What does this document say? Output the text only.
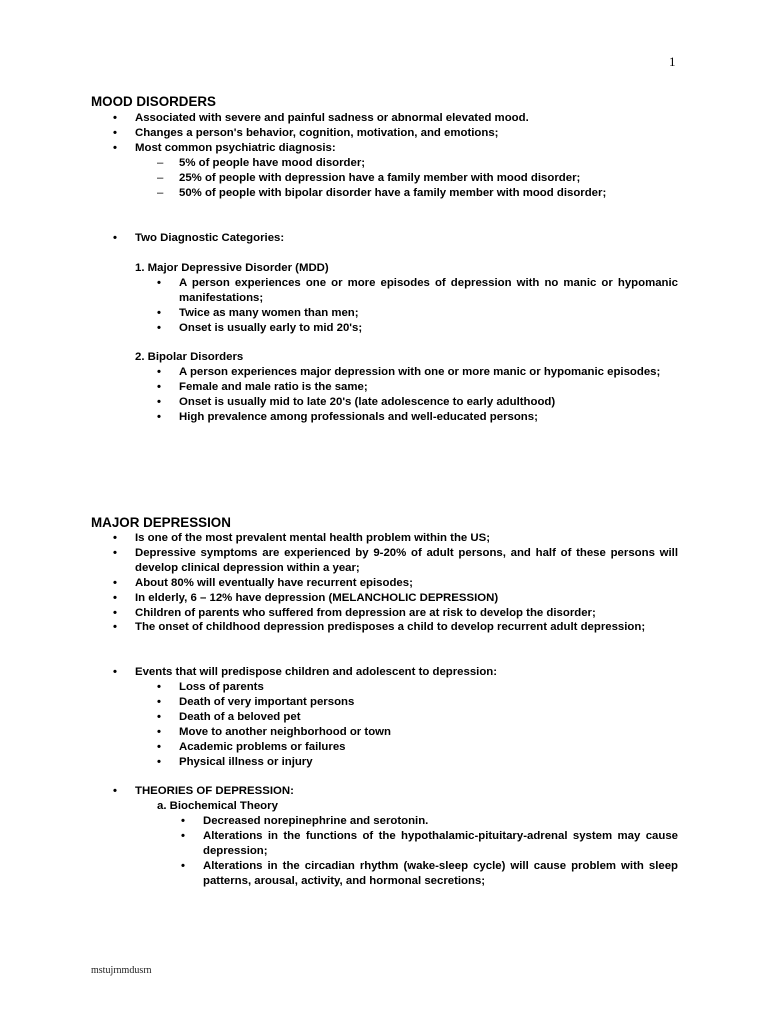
1
MOOD DISORDERS
• Associated with severe and painful sadness or abnormal elevated mood.
• Changes a person's behavior, cognition, motivation, and emotions;
• Most common psychiatric diagnosis:
– 5% of people have mood disorder;
– 25% of people with depression have a family member with mood disorder;
– 50% of people with bipolar disorder have a family member with mood disorder;
• Two Diagnostic Categories:
1. Major Depressive Disorder (MDD)
• A person experiences one or more episodes of depression with no manic or hypomanic manifestations;
• Twice as many women than men;
• Onset is usually early to mid 20's;
2. Bipolar Disorders
• A person experiences major depression with one or more manic or hypomanic episodes;
• Female and male ratio is the same;
• Onset is usually mid to late 20's (late adolescence to early adulthood)
• High prevalence among professionals and well-educated persons;
MAJOR DEPRESSION
• Is one of the most prevalent mental health problem within the US;
• Depressive symptoms are experienced by 9-20% of adult persons, and half of these persons will develop clinical depression within a year;
• About 80% will eventually have recurrent episodes;
• In elderly, 6 – 12% have depression (MELANCHOLIC DEPRESSION)
• Children of parents who suffered from depression are at risk to develop the disorder;
• The onset of childhood depression predisposes a child to develop recurrent adult depression;
• Events that will predispose children and adolescent to depression:
• Loss of parents
• Death of very important persons
• Death of a beloved pet
• Move to another neighborhood or town
• Academic problems or failures
• Physical illness or injury
• THEORIES OF DEPRESSION:
a. Biochemical Theory
• Decreased norepinephrine and serotonin.
• Alterations in the functions of the hypothalamic-pituitary-adrenal system may cause depression;
• Alterations in the circadian rhythm (wake-sleep cycle) will cause problem with sleep patterns, arousal, activity, and hormonal secretions;
mstujrnmdusrn
